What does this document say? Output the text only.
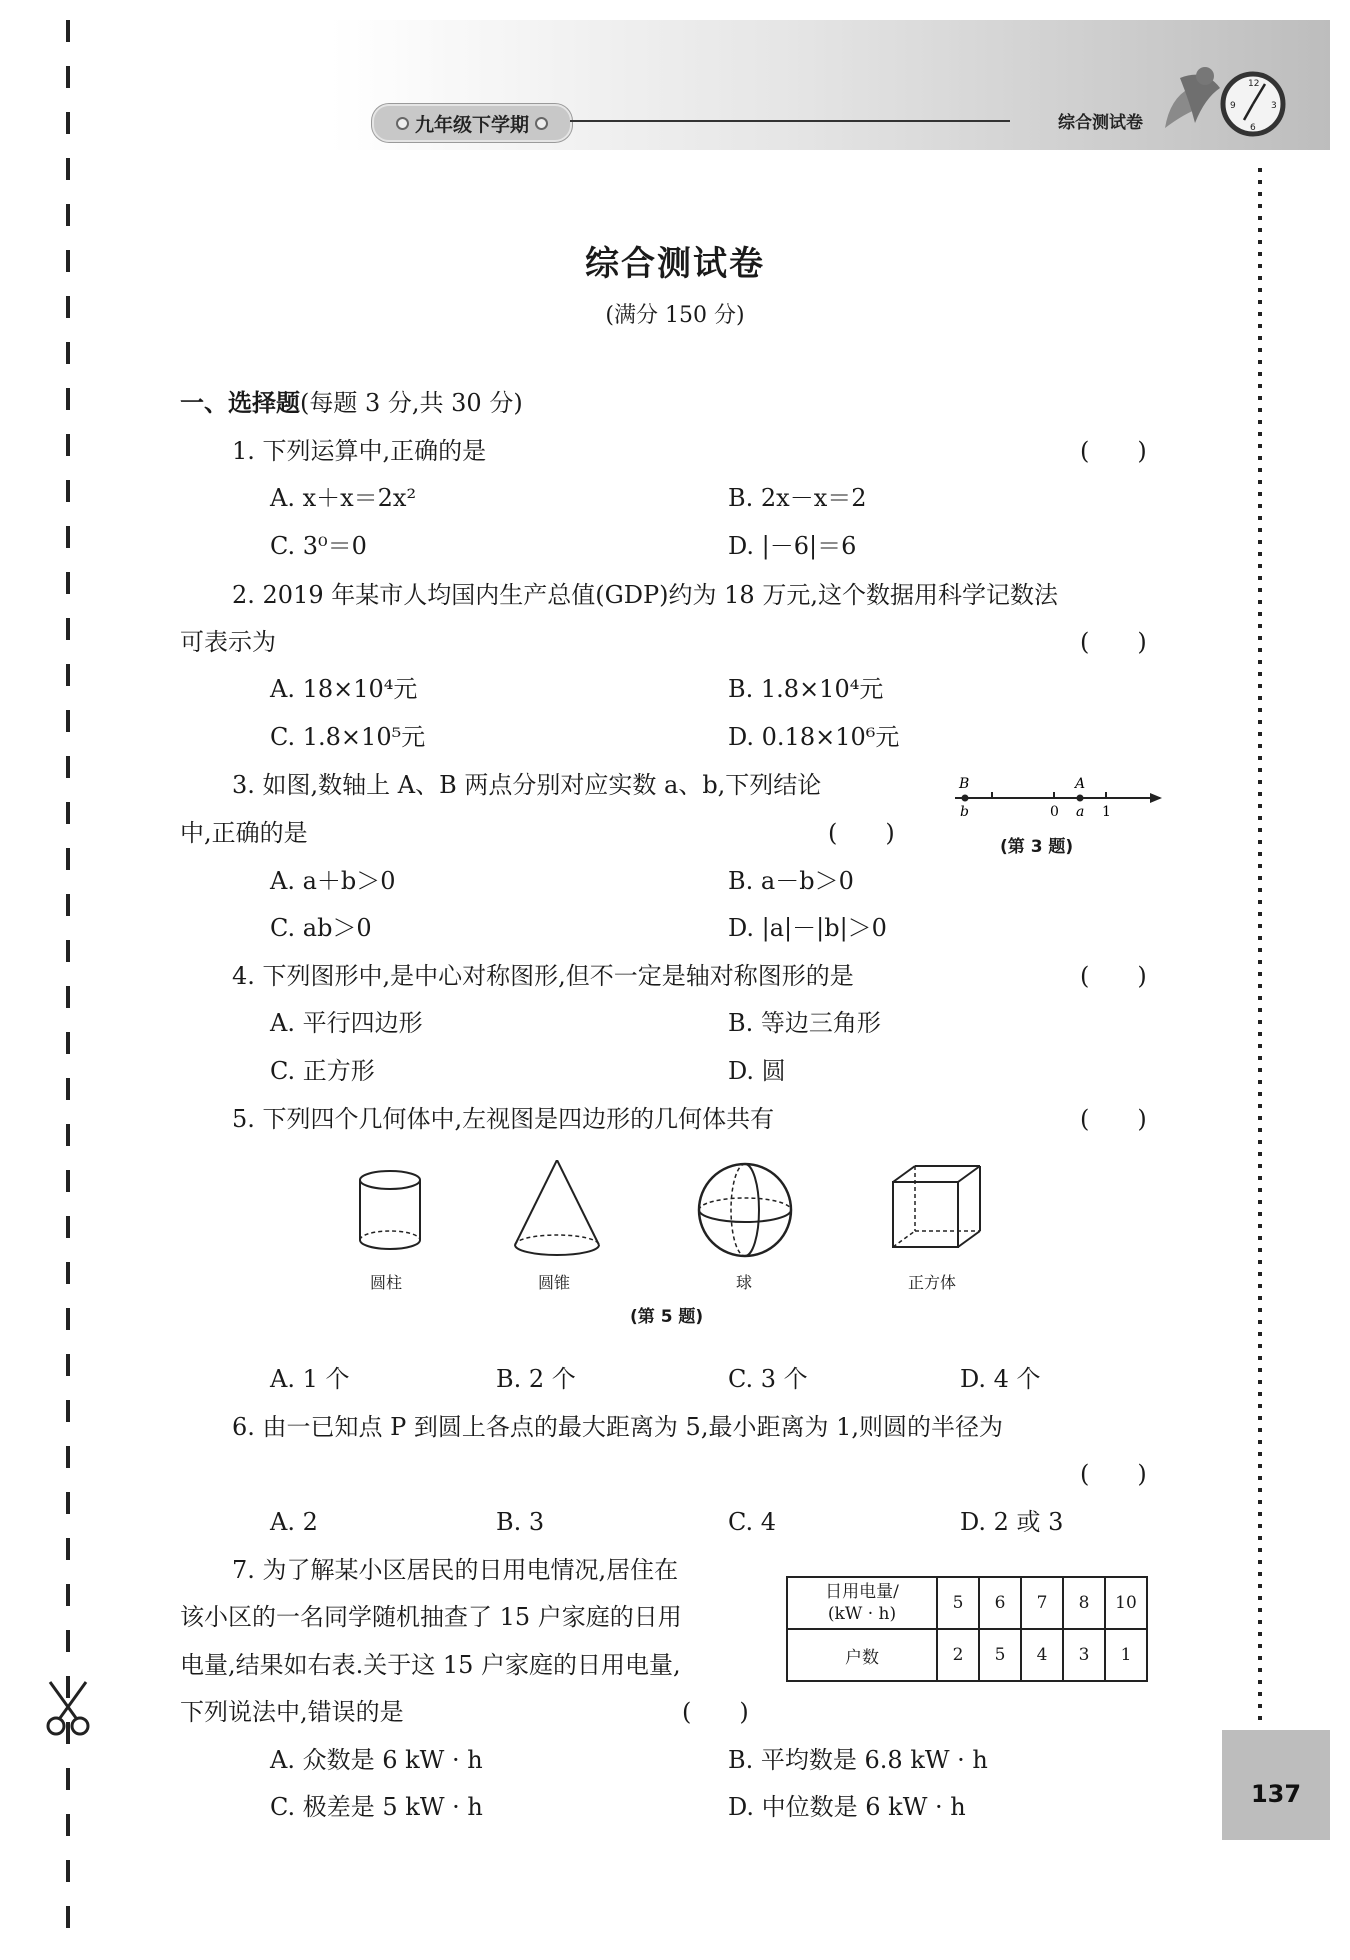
九年级下学期	综合测试卷
12
3
6
9
137
综合测试卷
(满分 150 分)
一、选择题(每题 3 分,共 30 分)
1. 下列运算中,正确的是	(　　)
A. x＋x＝2x²	B. 2x－x＝2
C. 3⁰＝0	D. |－6|＝6
2. 2019 年某市人均国内生产总值(GDP)约为 18 万元,这个数据用科学记数法
可表示为	(　　)
A. 18×10⁴元	B. 1.8×10⁴元
C. 1.8×10⁵元	D. 0.18×10⁶元
3. 如图,数轴上 A、B 两点分别对应实数 a、b,下列结论
中,正确的是	(　　)
B	A
b	0 a 1
(第 3 题)
A. a＋b＞0	B. a－b＞0
C. ab＞0	D. |a|－|b|＞0
4. 下列图形中,是中心对称图形,但不一定是轴对称图形的是	(　　)
A. 平行四边形	B. 等边三角形
C. 正方形	D. 圆
5. 下列四个几何体中,左视图是四边形的几何体共有	(　　)
圆柱	圆锥	球	正方体
(第 5 题)
A. 1 个	B. 2 个	C. 3 个	D. 4 个
6. 由一已知点 P 到圆上各点的最大距离为 5,最小距离为 1,则圆的半径为
(　　)
A. 2	B. 3	C. 4	D. 2 或 3
7. 为了解某小区居民的日用电情况,居住在
该小区的一名同学随机抽查了 15 户家庭的日用
电量,结果如右表.关于这 15 户家庭的日用电量,
下列说法中,错误的是	(　　)
日用电量/
(kW · h)	5	6	7	8	10
户数	2	5	4	3	1
A. 众数是 6 kW · h	B. 平均数是 6.8 kW · h
C. 极差是 5 kW · h	D. 中位数是 6 kW · h
